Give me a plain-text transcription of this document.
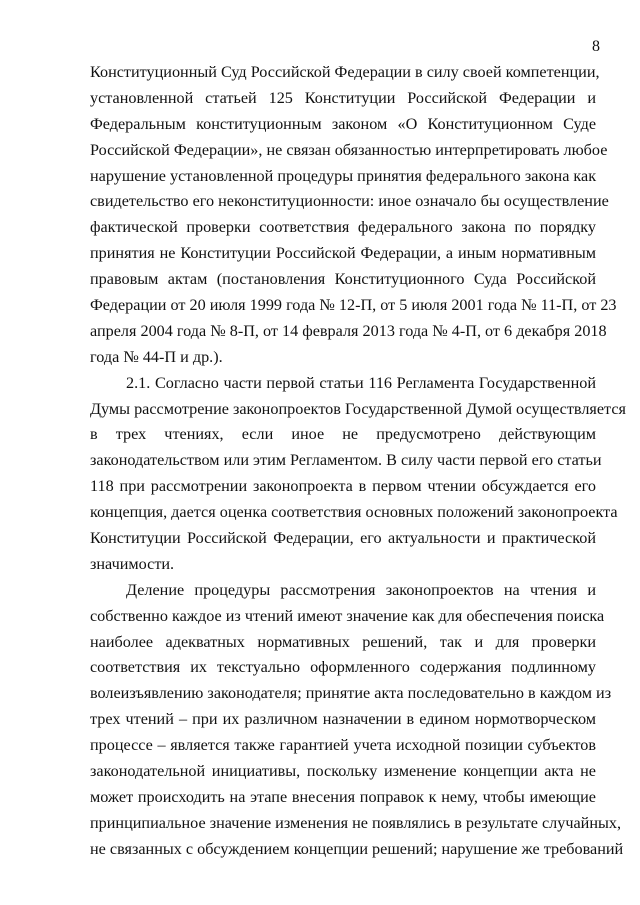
8
Конституционный Суд Российской Федерации в силу своей компетенции,
установленной статьей 125 Конституции Российской Федерации и
Федеральным конституционным законом «О Конституционном Суде
Российской Федерации», не связан обязанностью интерпретировать любое
нарушение установленной процедуры принятия федерального закона как
свидетельство его неконституционности: иное означало бы осуществление
фактической проверки соответствия федерального закона по порядку
принятия не Конституции Российской Федерации, а иным нормативным
правовым актам (постановления Конституционного Суда Российской
Федерации от 20 июля 1999 года № 12-П, от 5 июля 2001 года № 11-П, от 23
апреля 2004 года № 8-П, от 14 февраля 2013 года № 4-П, от 6 декабря 2018
года № 44-П и др.).
2.1. Согласно части первой статьи 116 Регламента Государственной
Думы рассмотрение законопроектов Государственной Думой осуществляется
в трех чтениях, если иное не предусмотрено действующим
законодательством или этим Регламентом. В силу части первой его статьи
118 при рассмотрении законопроекта в первом чтении обсуждается его
концепция, дается оценка соответствия основных положений законопроекта
Конституции Российской Федерации, его актуальности и практической
значимости.
Деление процедуры рассмотрения законопроектов на чтения и
собственно каждое из чтений имеют значение как для обеспечения поиска
наиболее адекватных нормативных решений, так и для проверки
соответствия их текстуально оформленного содержания подлинному
волеизъявлению законодателя; принятие акта последовательно в каждом из
трех чтений – при их различном назначении в едином нормотворческом
процессе – является также гарантией учета исходной позиции субъектов
законодательной инициативы, поскольку изменение концепции акта не
может происходить на этапе внесения поправок к нему, чтобы имеющие
принципиальное значение изменения не появлялись в результате случайных,
не связанных с обсуждением концепции решений; нарушение же требований
